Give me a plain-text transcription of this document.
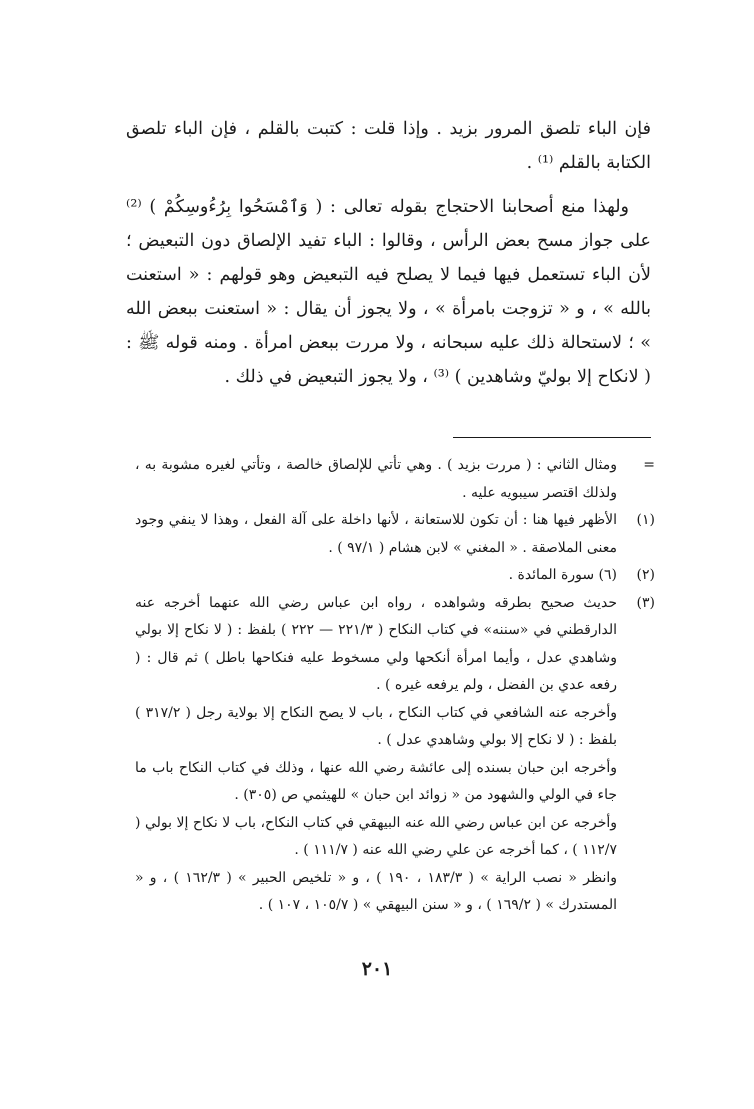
فإن الباء تلصق المرور بزيد . وإذا قلت : كتبت بالقلم ، فإن الباء تلصق الكتابة بالقلم ⁽¹⁾ .

ولهذا منع أصحابنا الاحتجاج بقوله تعالى : ( وَٱمْسَحُوا بِرُءُوسِكُمْ ) ⁽²⁾ على جواز مسح بعض الرأس ، وقالوا : الباء تفيد الإلصاق دون التبعيض ؛ لأن الباء تستعمل فيها فيما لا يصلح فيه التبعيض وهو قولهم : « استعنت بالله » ، و « تزوجت بامرأة » ، ولا يجوز أن يقال : « استعنت ببعض الله » ؛ لاستحالة ذلك عليه سبحانه ، ولا مررت ببعض امرأة . ومنه قوله ﷺ : ( لانكاح إلا بوليّ وشاهدين ) ⁽³⁾ ، ولا يجوز التبعيض في ذلك .

=

ومثال الثاني : ( مررت بزيد ) . وهي تأتي للإلصاق خالصة ، وتأتي لغيره مشوبة به ، ولذلك اقتصر سيبويه عليه .

(١)

الأظهر فيها هنا : أن تكون للاستعانة ، لأنها داخلة على آلة الفعل ، وهذا لا ينفي وجود معنى الملاصقة . « المغني » لابن هشام ( ٩٧/١ ) .

(٢)

(٦) سورة المائدة .

(٣)

حديث صحيح بطرقه وشواهده ، رواه ابن عباس رضي الله عنهما أخرجه عنه الدارقطني في «سننه» في كتاب النكاح ( ٢٢١/٣ — ٢٢٢ ) بلفظ : ( لا نكاح إلا بولي وشاهدي عدل ، وأيما امرأة أنكحها ولي مسخوط عليه فنكاحها باطل ) ثم قال : ( رفعه عدي بن الفضل ، ولم يرفعه غيره ) .

وأخرجه عنه الشافعي في كتاب النكاح ، باب لا يصح النكاح إلا بولاية رجل ( ٣١٧/٢ ) بلفظ : ( لا نكاح إلا بولي وشاهدي عدل ) .

وأخرجه ابن حبان بسنده إلى عائشة رضي الله عنها ، وذلك في كتاب النكاح باب ما جاء في الولي والشهود من « زوائد ابن حبان » للهيثمي ص (٣٠٥) .

وأخرجه عن ابن عباس رضي الله عنه البيهقي في كتاب النكاح، باب لا نكاح إلا بولي ( ١١٢/٧ ) ، كما أخرجه عن علي رضي الله عنه ( ١١١/٧ ) .

وانظر « نصب الراية » ( ١٨٣/٣ ، ١٩٠ ) ، و « تلخيص الحبير » ( ١٦٢/٣ ) ، و « المستدرك » ( ١٦٩/٢ ) ، و « سنن البيهقي » ( ١٠٥/٧ ، ١٠٧ ) .

٢٠١
